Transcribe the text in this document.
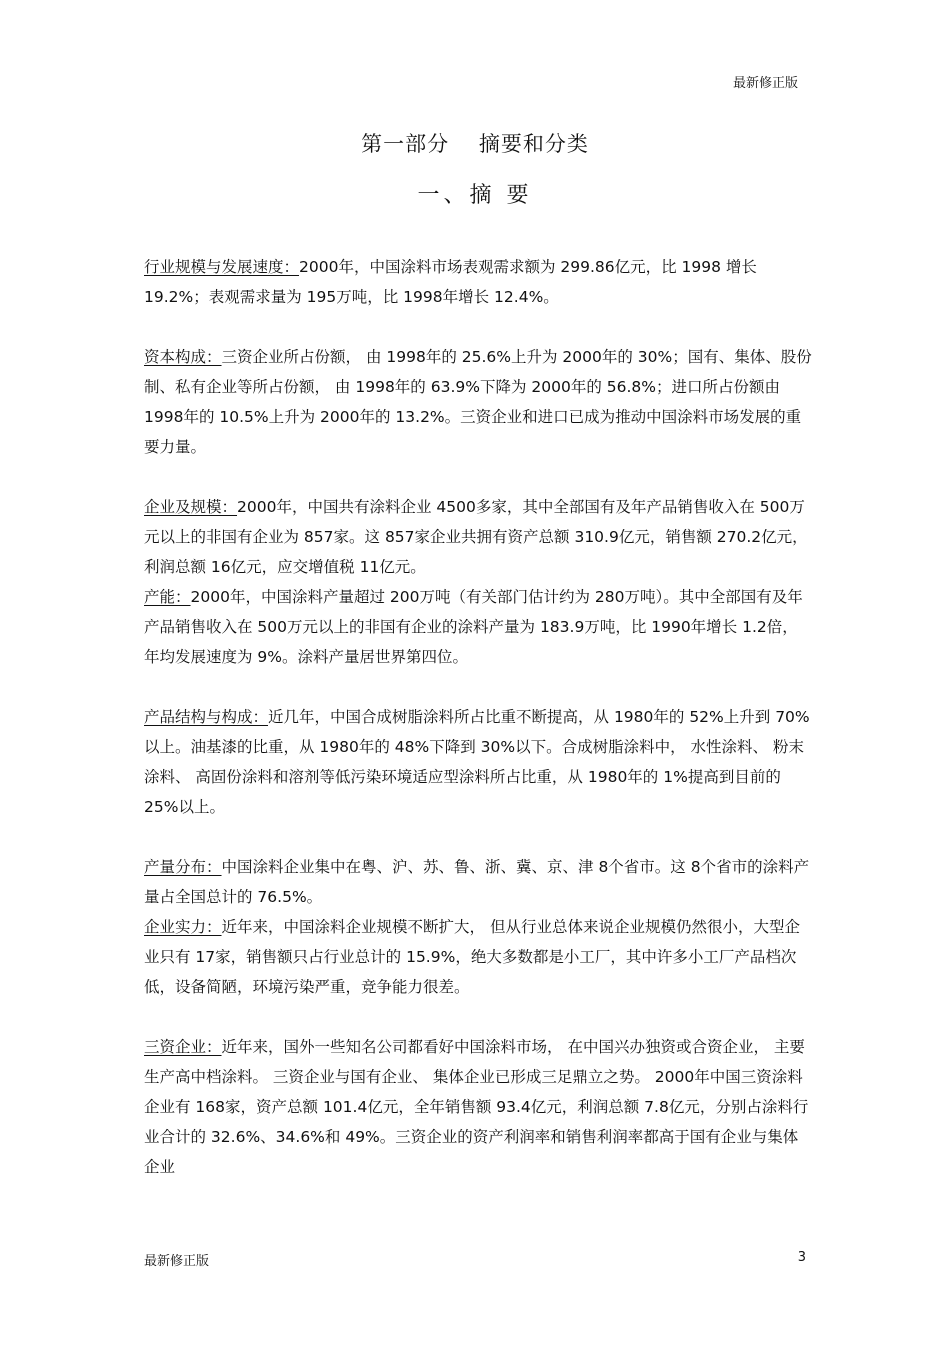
最新修正版
第一部分　 摘要和分类
一、摘 要

行业规模与发展速度：2000年，中国涂料市场表观需求额为 299.86亿元，比 1998 增长 19.2%；表观需求量为 195万吨，比 1998年增长 12.4%。

资本构成：三资企业所占份额， 由 1998年的 25.6%上升为 2000年的 30%；国有、集体、股份制、私有企业等所占份额， 由 1998年的 63.9%下降为 2000年的 56.8%；进口所占份额由 1998年的 10.5%上升为 2000年的 13.2%。三资企业和进口已成为推动中国涂料市场发展的重要力量。

企业及规模：2000年，中国共有涂料企业 4500多家，其中全部国有及年产品销售收入在 500万元以上的非国有企业为 857家。这 857家企业共拥有资产总额 310.9亿元，销售额 270.2亿元，利润总额 16亿元，应交增值税 11亿元。

产能：2000年，中国涂料产量超过 200万吨（有关部门估计约为 280万吨）。其中全部国有及年产品销售收入在 500万元以上的非国有企业的涂料产量为 183.9万吨，比 1990年增长 1.2倍，年均发展速度为 9%。涂料产量居世界第四位。

产品结构与构成：近几年，中国合成树脂涂料所占比重不断提高，从 1980年的 52%上升到 70%以上。油基漆的比重，从 1980年的 48%下降到 30%以下。合成树脂涂料中， 水性涂料、 粉末涂料、 高固份涂料和溶剂等低污染环境适应型涂料所占比重，从 1980年的 1%提高到目前的 25%以上。

产量分布：中国涂料企业集中在粤、沪、苏、鲁、浙、冀、京、津 8个省市。这 8个省市的涂料产量占全国总计的 76.5%。

企业实力：近年来，中国涂料企业规模不断扩大， 但从行业总体来说企业规模仍然很小，大型企业只有 17家，销售额只占行业总计的 15.9%，绝大多数都是小工厂，其中许多小工厂产品档次低，设备简陋，环境污染严重，竞争能力很差。

三资企业：近年来，国外一些知名公司都看好中国涂料市场， 在中国兴办独资或合资企业， 主要生产高中档涂料。 三资企业与国有企业、 集体企业已形成三足鼎立之势。 2000年中国三资涂料企业有 168家，资产总额 101.4亿元，全年销售额 93.4亿元，利润总额 7.8亿元，分别占涂料行业合计的 32.6%、34.6%和 49%。三资企业的资产利润率和销售利润率都高于国有企业与集体企业

最新修正版	3
